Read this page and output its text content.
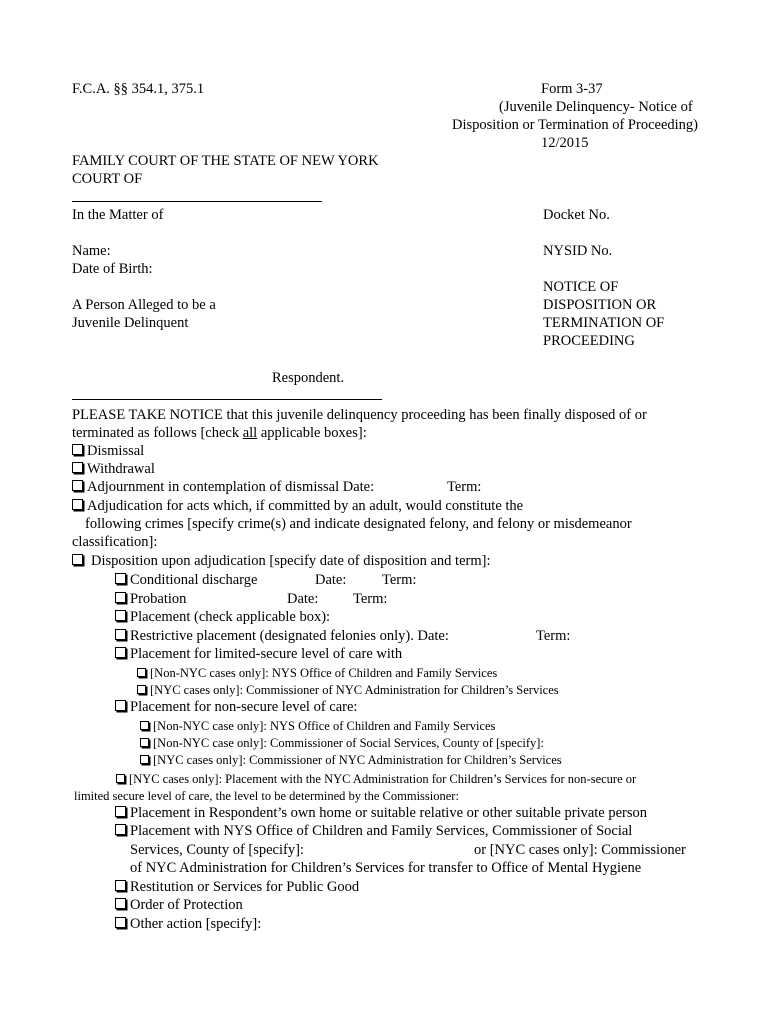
F.C.A. §§ 354.1, 375.1	Form 3-37
(Juvenile Delinquency- Notice of
Disposition or Termination of Proceeding)
12/2015
FAMILY COURT OF THE STATE OF NEW YORK
COURT OF
In the Matter of	Docket No.
Name:	NYSID No.
Date of Birth:
NOTICE OF
A Person Alleged to be a	DISPOSITION OR
Juvenile Delinquent	TERMINATION OF
PROCEEDING
Respondent.
PLEASE TAKE NOTICE that this juvenile delinquency proceeding has been finally disposed of or
terminated as follows [check all applicable boxes]:
Dismissal
Withdrawal
Adjournment in contemplation of dismissal Date:	Term:
Adjudication for acts which, if committed by an adult, would constitute the
following crimes [specify crime(s) and indicate designated felony, and felony or misdemeanor
classification]:
Disposition upon adjudication [specify date of disposition and term]:
Conditional discharge	Date: Term:
Probation	Date: Term:
Placement (check applicable box):
Restrictive placement (designated felonies only). Date:	Term:
Placement for limited-secure level of care with
[Non-NYC cases only]: NYS Office of Children and Family Services
[NYC cases only]: Commissioner of NYC Administration for Children’s Services
Placement for non-secure level of care:
[Non-NYC case only]: NYS Office of Children and Family Services
[Non-NYC case only]: Commissioner of Social Services, County of [specify]:
[NYC cases only]: Commissioner of NYC Administration for Children’s Services
[NYC cases only]: Placement with the NYC Administration for Children’s Services for non-secure or
limited secure level of care, the level to be determined by the Commissioner:
Placement in Respondent’s own home or suitable relative or other suitable private person
Placement with NYS Office of Children and Family Services, Commissioner of Social
Services, County of [specify]:	or [NYC cases only]: Commissioner
of NYC Administration for Children’s Services for transfer to Office of Mental Hygiene
Restitution or Services for Public Good
Order of Protection
Other action [specify]:
